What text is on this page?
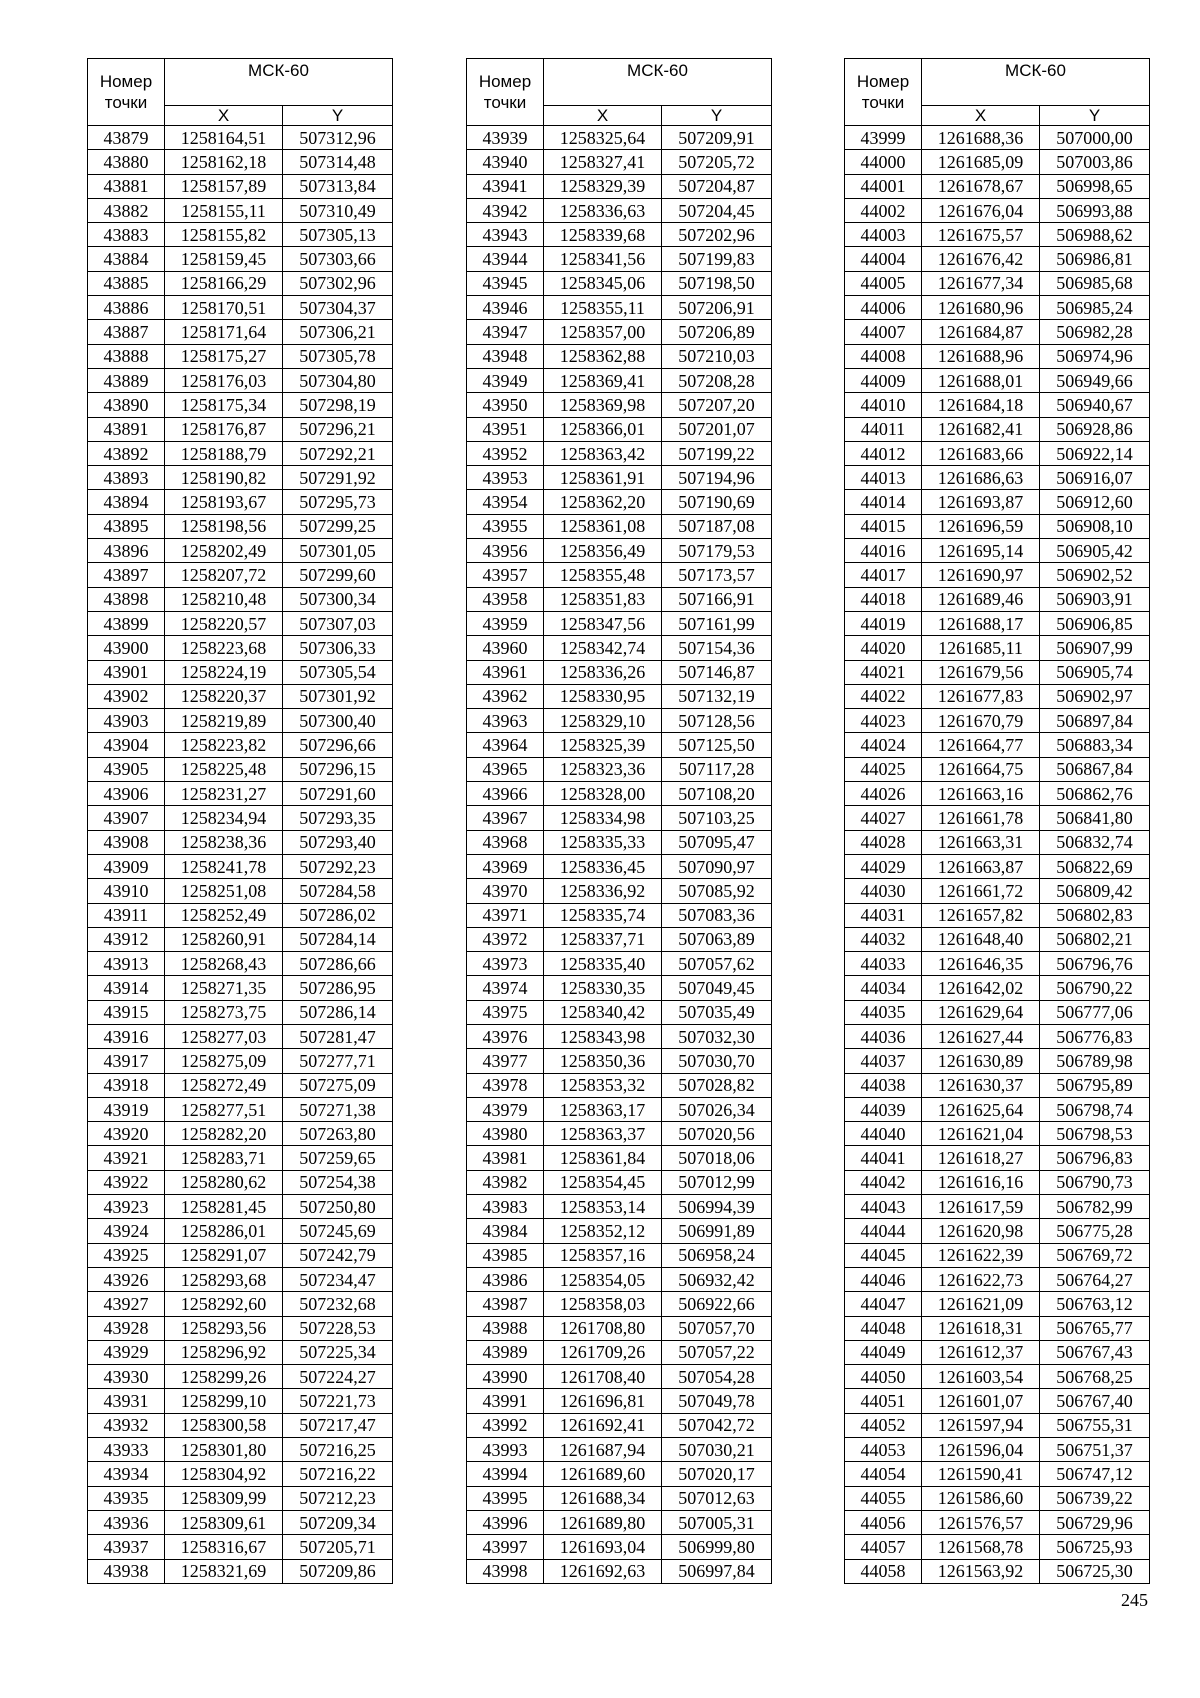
Номер точки	МСК-60	
	X	Y
43879	1258164,51	507312,96
43880	1258162,18	507314,48
43881	1258157,89	507313,84
43882	1258155,11	507310,49
43883	1258155,82	507305,13
43884	1258159,45	507303,66
43885	1258166,29	507302,96
43886	1258170,51	507304,37
43887	1258171,64	507306,21
43888	1258175,27	507305,78
43889	1258176,03	507304,80
43890	1258175,34	507298,19
43891	1258176,87	507296,21
43892	1258188,79	507292,21
43893	1258190,82	507291,92
43894	1258193,67	507295,73
43895	1258198,56	507299,25
43896	1258202,49	507301,05
43897	1258207,72	507299,60
43898	1258210,48	507300,34
43899	1258220,57	507307,03
43900	1258223,68	507306,33
43901	1258224,19	507305,54
43902	1258220,37	507301,92
43903	1258219,89	507300,40
43904	1258223,82	507296,66
43905	1258225,48	507296,15
43906	1258231,27	507291,60
43907	1258234,94	507293,35
43908	1258238,36	507293,40
43909	1258241,78	507292,23
43910	1258251,08	507284,58
43911	1258252,49	507286,02
43912	1258260,91	507284,14
43913	1258268,43	507286,66
43914	1258271,35	507286,95
43915	1258273,75	507286,14
43916	1258277,03	507281,47
43917	1258275,09	507277,71
43918	1258272,49	507275,09
43919	1258277,51	507271,38
43920	1258282,20	507263,80
43921	1258283,71	507259,65
43922	1258280,62	507254,38
43923	1258281,45	507250,80
43924	1258286,01	507245,69
43925	1258291,07	507242,79
43926	1258293,68	507234,47
43927	1258292,60	507232,68
43928	1258293,56	507228,53
43929	1258296,92	507225,34
43930	1258299,26	507224,27
43931	1258299,10	507221,73
43932	1258300,58	507217,47
43933	1258301,80	507216,25
43934	1258304,92	507216,22
43935	1258309,99	507212,23
43936	1258309,61	507209,34
43937	1258316,67	507205,71
43938	1258321,69	507209,86
Номер точки	МСК-60	
	X	Y
43939	1258325,64	507209,91
43940	1258327,41	507205,72
43941	1258329,39	507204,87
43942	1258336,63	507204,45
43943	1258339,68	507202,96
43944	1258341,56	507199,83
43945	1258345,06	507198,50
43946	1258355,11	507206,91
43947	1258357,00	507206,89
43948	1258362,88	507210,03
43949	1258369,41	507208,28
43950	1258369,98	507207,20
43951	1258366,01	507201,07
43952	1258363,42	507199,22
43953	1258361,91	507194,96
43954	1258362,20	507190,69
43955	1258361,08	507187,08
43956	1258356,49	507179,53
43957	1258355,48	507173,57
43958	1258351,83	507166,91
43959	1258347,56	507161,99
43960	1258342,74	507154,36
43961	1258336,26	507146,87
43962	1258330,95	507132,19
43963	1258329,10	507128,56
43964	1258325,39	507125,50
43965	1258323,36	507117,28
43966	1258328,00	507108,20
43967	1258334,98	507103,25
43968	1258335,33	507095,47
43969	1258336,45	507090,97
43970	1258336,92	507085,92
43971	1258335,74	507083,36
43972	1258337,71	507063,89
43973	1258335,40	507057,62
43974	1258330,35	507049,45
43975	1258340,42	507035,49
43976	1258343,98	507032,30
43977	1258350,36	507030,70
43978	1258353,32	507028,82
43979	1258363,17	507026,34
43980	1258363,37	507020,56
43981	1258361,84	507018,06
43982	1258354,45	507012,99
43983	1258353,14	506994,39
43984	1258352,12	506991,89
43985	1258357,16	506958,24
43986	1258354,05	506932,42
43987	1258358,03	506922,66
43988	1261708,80	507057,70
43989	1261709,26	507057,22
43990	1261708,40	507054,28
43991	1261696,81	507049,78
43992	1261692,41	507042,72
43993	1261687,94	507030,21
43994	1261689,60	507020,17
43995	1261688,34	507012,63
43996	1261689,80	507005,31
43997	1261693,04	506999,80
43998	1261692,63	506997,84
Номер точки	МСК-60	
	X	Y
43999	1261688,36	507000,00
44000	1261685,09	507003,86
44001	1261678,67	506998,65
44002	1261676,04	506993,88
44003	1261675,57	506988,62
44004	1261676,42	506986,81
44005	1261677,34	506985,68
44006	1261680,96	506985,24
44007	1261684,87	506982,28
44008	1261688,96	506974,96
44009	1261688,01	506949,66
44010	1261684,18	506940,67
44011	1261682,41	506928,86
44012	1261683,66	506922,14
44013	1261686,63	506916,07
44014	1261693,87	506912,60
44015	1261696,59	506908,10
44016	1261695,14	506905,42
44017	1261690,97	506902,52
44018	1261689,46	506903,91
44019	1261688,17	506906,85
44020	1261685,11	506907,99
44021	1261679,56	506905,74
44022	1261677,83	506902,97
44023	1261670,79	506897,84
44024	1261664,77	506883,34
44025	1261664,75	506867,84
44026	1261663,16	506862,76
44027	1261661,78	506841,80
44028	1261663,31	506832,74
44029	1261663,87	506822,69
44030	1261661,72	506809,42
44031	1261657,82	506802,83
44032	1261648,40	506802,21
44033	1261646,35	506796,76
44034	1261642,02	506790,22
44035	1261629,64	506777,06
44036	1261627,44	506776,83
44037	1261630,89	506789,98
44038	1261630,37	506795,89
44039	1261625,64	506798,74
44040	1261621,04	506798,53
44041	1261618,27	506796,83
44042	1261616,16	506790,73
44043	1261617,59	506782,99
44044	1261620,98	506775,28
44045	1261622,39	506769,72
44046	1261622,73	506764,27
44047	1261621,09	506763,12
44048	1261618,31	506765,77
44049	1261612,37	506767,43
44050	1261603,54	506768,25
44051	1261601,07	506767,40
44052	1261597,94	506755,31
44053	1261596,04	506751,37
44054	1261590,41	506747,12
44055	1261586,60	506739,22
44056	1261576,57	506729,96
44057	1261568,78	506725,93
44058	1261563,92	506725,30
245
